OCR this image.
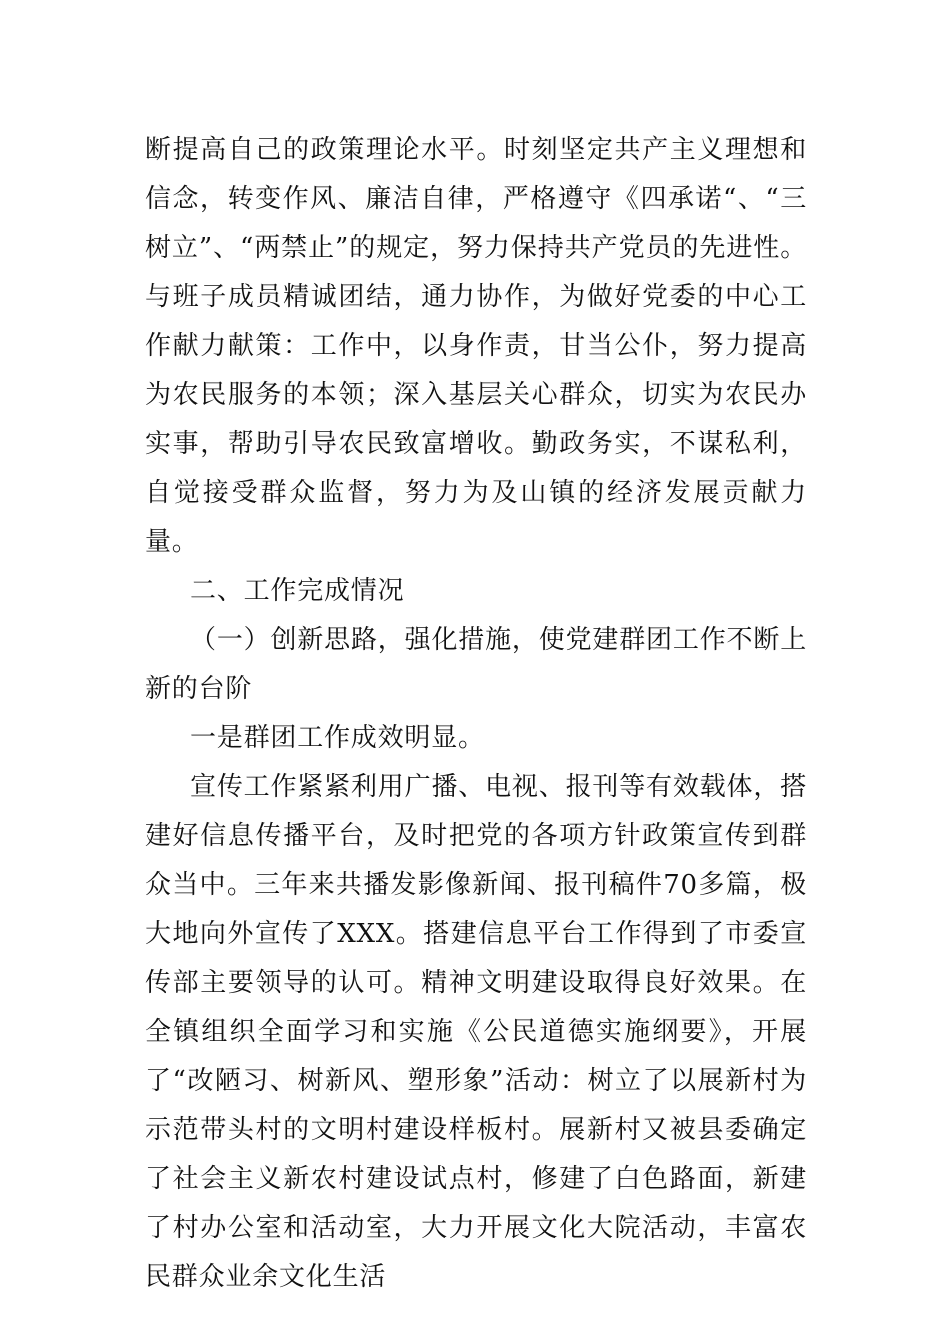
断提高自己的政策理论水平。时刻坚定共产主义理想和信念，转变作风、廉洁自律，严格遵守《四承诺“、“三树立”、“两禁止”的规定，努力保持共产党员的先进性。与班子成员精诚团结，通力协作，为做好党委的中心工作献力献策：工作中，以身作责，甘当公仆，努力提高为农民服务的本领；深入基层关心群众，切实为农民办实事，帮助引导农民致富增收。勤政务实，不谋私利，自觉接受群众监督，努力为及山镇的经济发展贡献力量。

二、工作完成情况

（一）创新思路，强化措施，使党建群团工作不断上新的台阶

一是群团工作成效明显。

宣传工作紧紧利用广播、电视、报刊等有效载体，搭建好信息传播平台，及时把党的各项方针政策宣传到群众当中。三年来共播发影像新闻、报刊稿件70多篇，极大地向外宣传了XXX。搭建信息平台工作得到了市委宣传部主要领导的认可。精神文明建设取得良好效果。在全镇组织全面学习和实施《公民道德实施纲要》，开展了“改陋习、树新风、塑形象”活动：树立了以展新村为示范带头村的文明村建设样板村。展新村又被县委确定了社会主义新农村建设试点村，修建了白色路面，新建了村办公室和活动室，大力开展文化大院活动，丰富农民群众业余文化生活
